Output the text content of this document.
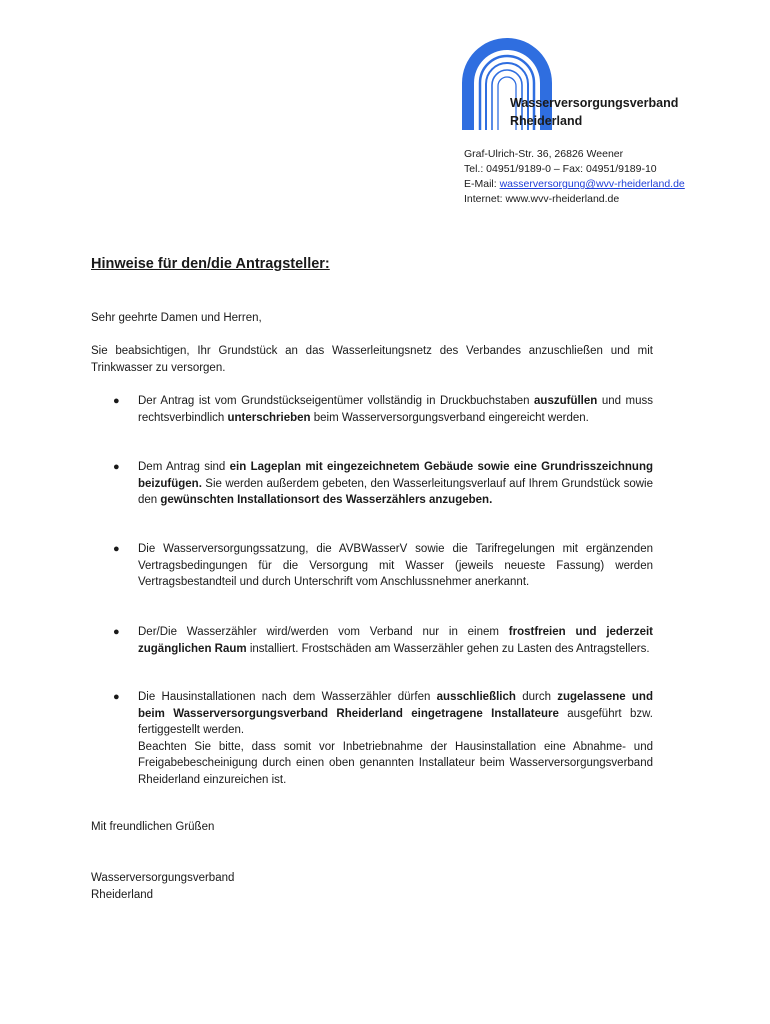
Wasserversorgungsverband
Rheiderland
Graf-Ulrich-Str. 36, 26826 Weener
Tel.: 04951/9189-0 – Fax: 04951/9189-10
E-Mail: wasserversorgung@wvv-rheiderland.de
Internet: www.wvv-rheiderland.de
Hinweise für den/die Antragsteller:
Sehr geehrte Damen und Herren,

Sie beabsichtigen, Ihr Grundstück an das Wasserleitungsnetz des Verbandes anzuschließen und mit Trinkwasser zu versorgen.

● Der Antrag ist vom Grundstückseigentümer vollständig in Druckbuchstaben auszufüllen und muss rechtsverbindlich unterschrieben beim Wasserversorgungsverband eingereicht werden.
● Dem Antrag sind ein Lageplan mit eingezeichnetem Gebäude sowie eine Grundrisszeichnung beizufügen. Sie werden außerdem gebeten, den Wasserleitungsverlauf auf Ihrem Grundstück sowie den gewünschten Installationsort des Wasserzählers anzugeben.
● Die Wasserversorgungssatzung, die AVBWasserV sowie die Tarifregelungen mit ergänzenden Vertragsbedingungen für die Versorgung mit Wasser (jeweils neueste Fassung) werden Vertragsbestandteil und durch Unterschrift vom Anschlussnehmer anerkannt.
● Der/Die Wasserzähler wird/werden vom Verband nur in einem frostfreien und jederzeit zugänglichen Raum installiert. Frostschäden am Wasserzähler gehen zu Lasten des Antragstellers.
● Die Hausinstallationen nach dem Wasserzähler dürfen ausschließlich durch zugelassene und beim Wasserversorgungsverband Rheiderland eingetragene Installateure ausgeführt bzw. fertiggestellt werden.
Beachten Sie bitte, dass somit vor Inbetriebnahme der Hausinstallation eine Abnahme- und Freigabebescheinigung durch einen oben genannten Installateur beim Wasserversorgungsverband Rheiderland einzureichen ist.
Mit freundlichen Grüßen
Wasserversorgungsverband
Rheiderland
